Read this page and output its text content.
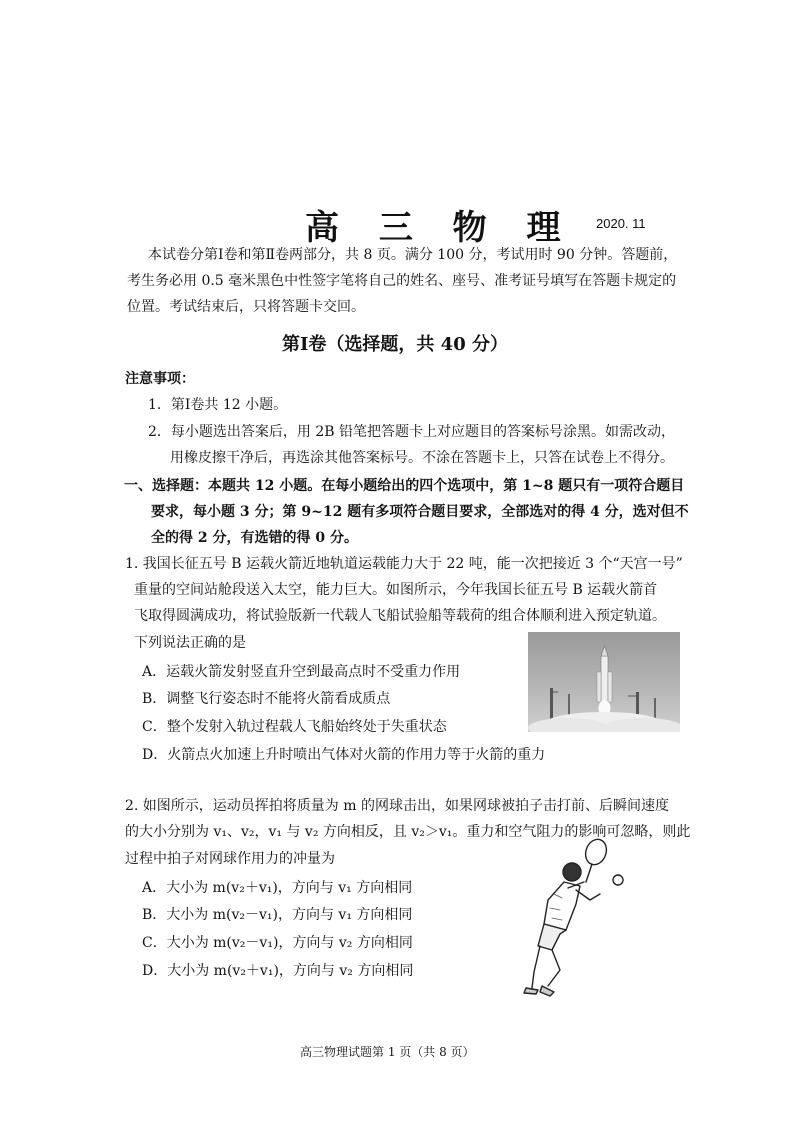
高 三 物 理 2020. 11
本试卷分第Ⅰ卷和第Ⅱ卷两部分，共 8 页。满分 100 分，考试用时 90 分钟。答题前，
考生务必用 0.5 毫米黑色中性签字笔将自己的姓名、座号、准考证号填写在答题卡规定的
位置。考试结束后，只将答题卡交回。
第Ⅰ卷（选择题，共 40 分）
注意事项：
1．第Ⅰ卷共 12 小题。
2．每小题选出答案后，用 2B 铅笔把答题卡上对应题目的答案标号涂黑。如需改动，
用橡皮擦干净后，再选涂其他答案标号。不涂在答题卡上，只答在试卷上不得分。
一、选择题：本题共 12 小题。在每小题给出的四个选项中，第 1~8 题只有一项符合题目
要求，每小题 3 分；第 9~12 题有多项符合题目要求，全部选对的得 4 分，选对但不
全的得 2 分，有选错的得 0 分。
1. 我国长征五号 B 运载火箭近地轨道运载能力大于 22 吨，能一次把接近 3 个“天宫一号”
重量的空间站舱段送入太空，能力巨大。如图所示，今年我国长征五号 B 运载火箭首
飞取得圆满成功，将试验版新一代载人飞船试验船等载荷的组合体顺利进入预定轨道。
下列说法正确的是
A．运载火箭发射竖直升空到最高点时不受重力作用
B．调整飞行姿态时不能将火箭看成质点
C．整个发射入轨过程载人飞船始终处于失重状态
D．火箭点火加速上升时喷出气体对火箭的作用力等于火箭的重力
2. 如图所示，运动员挥拍将质量为 m 的网球击出，如果网球被拍子击打前、后瞬间速度
的大小分别为 v₁、v₂，v₁ 与 v₂ 方向相反，且 v₂＞v₁。重力和空气阻力的影响可忽略，则此
过程中拍子对网球作用力的冲量为
A．大小为 m(v₂＋v₁)，方向与 v₁ 方向相同
B．大小为 m(v₂－v₁)，方向与 v₁ 方向相同
C．大小为 m(v₂－v₁)，方向与 v₂ 方向相同
D．大小为 m(v₂＋v₁)，方向与 v₂ 方向相同
高三物理试题第 1 页（共 8 页）
